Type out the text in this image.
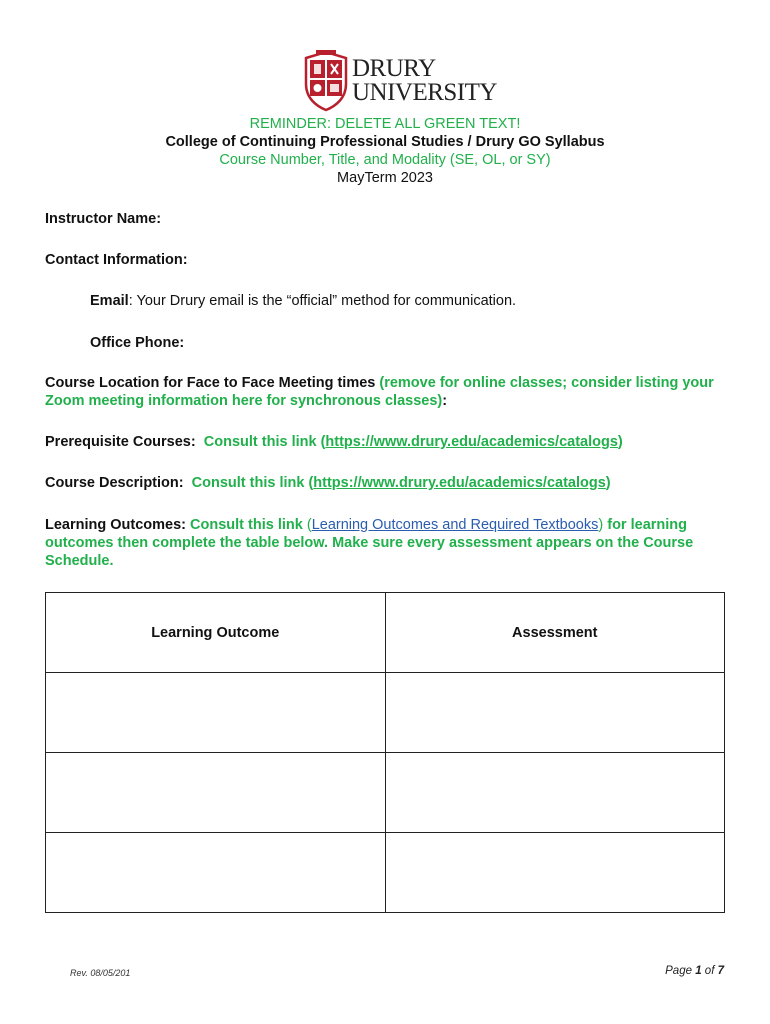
DRURY
UNIVERSITY
REMINDER: DELETE ALL GREEN TEXT!
College of Continuing Professional Studies / Drury GO Syllabus
Course Number, Title, and Modality (SE, OL, or SY)
MayTerm 2023
Instructor Name:
Contact Information:
Email: Your Drury email is the “official” method for communication.
Office Phone:
Course Location for Face to Face Meeting times (remove for online classes; consider listing your Zoom meeting information here for synchronous classes):
Prerequisite Courses: Consult this link (https://www.drury.edu/academics/catalogs)
Course Description: Consult this link (https://www.drury.edu/academics/catalogs)
Learning Outcomes: Consult this link (Learning Outcomes and Required Textbooks) for learning outcomes then complete the table below. Make sure every assessment appears on the Course Schedule.
Learning Outcome	Assessment

Rev. 08/05/201	Page 1 of 7
